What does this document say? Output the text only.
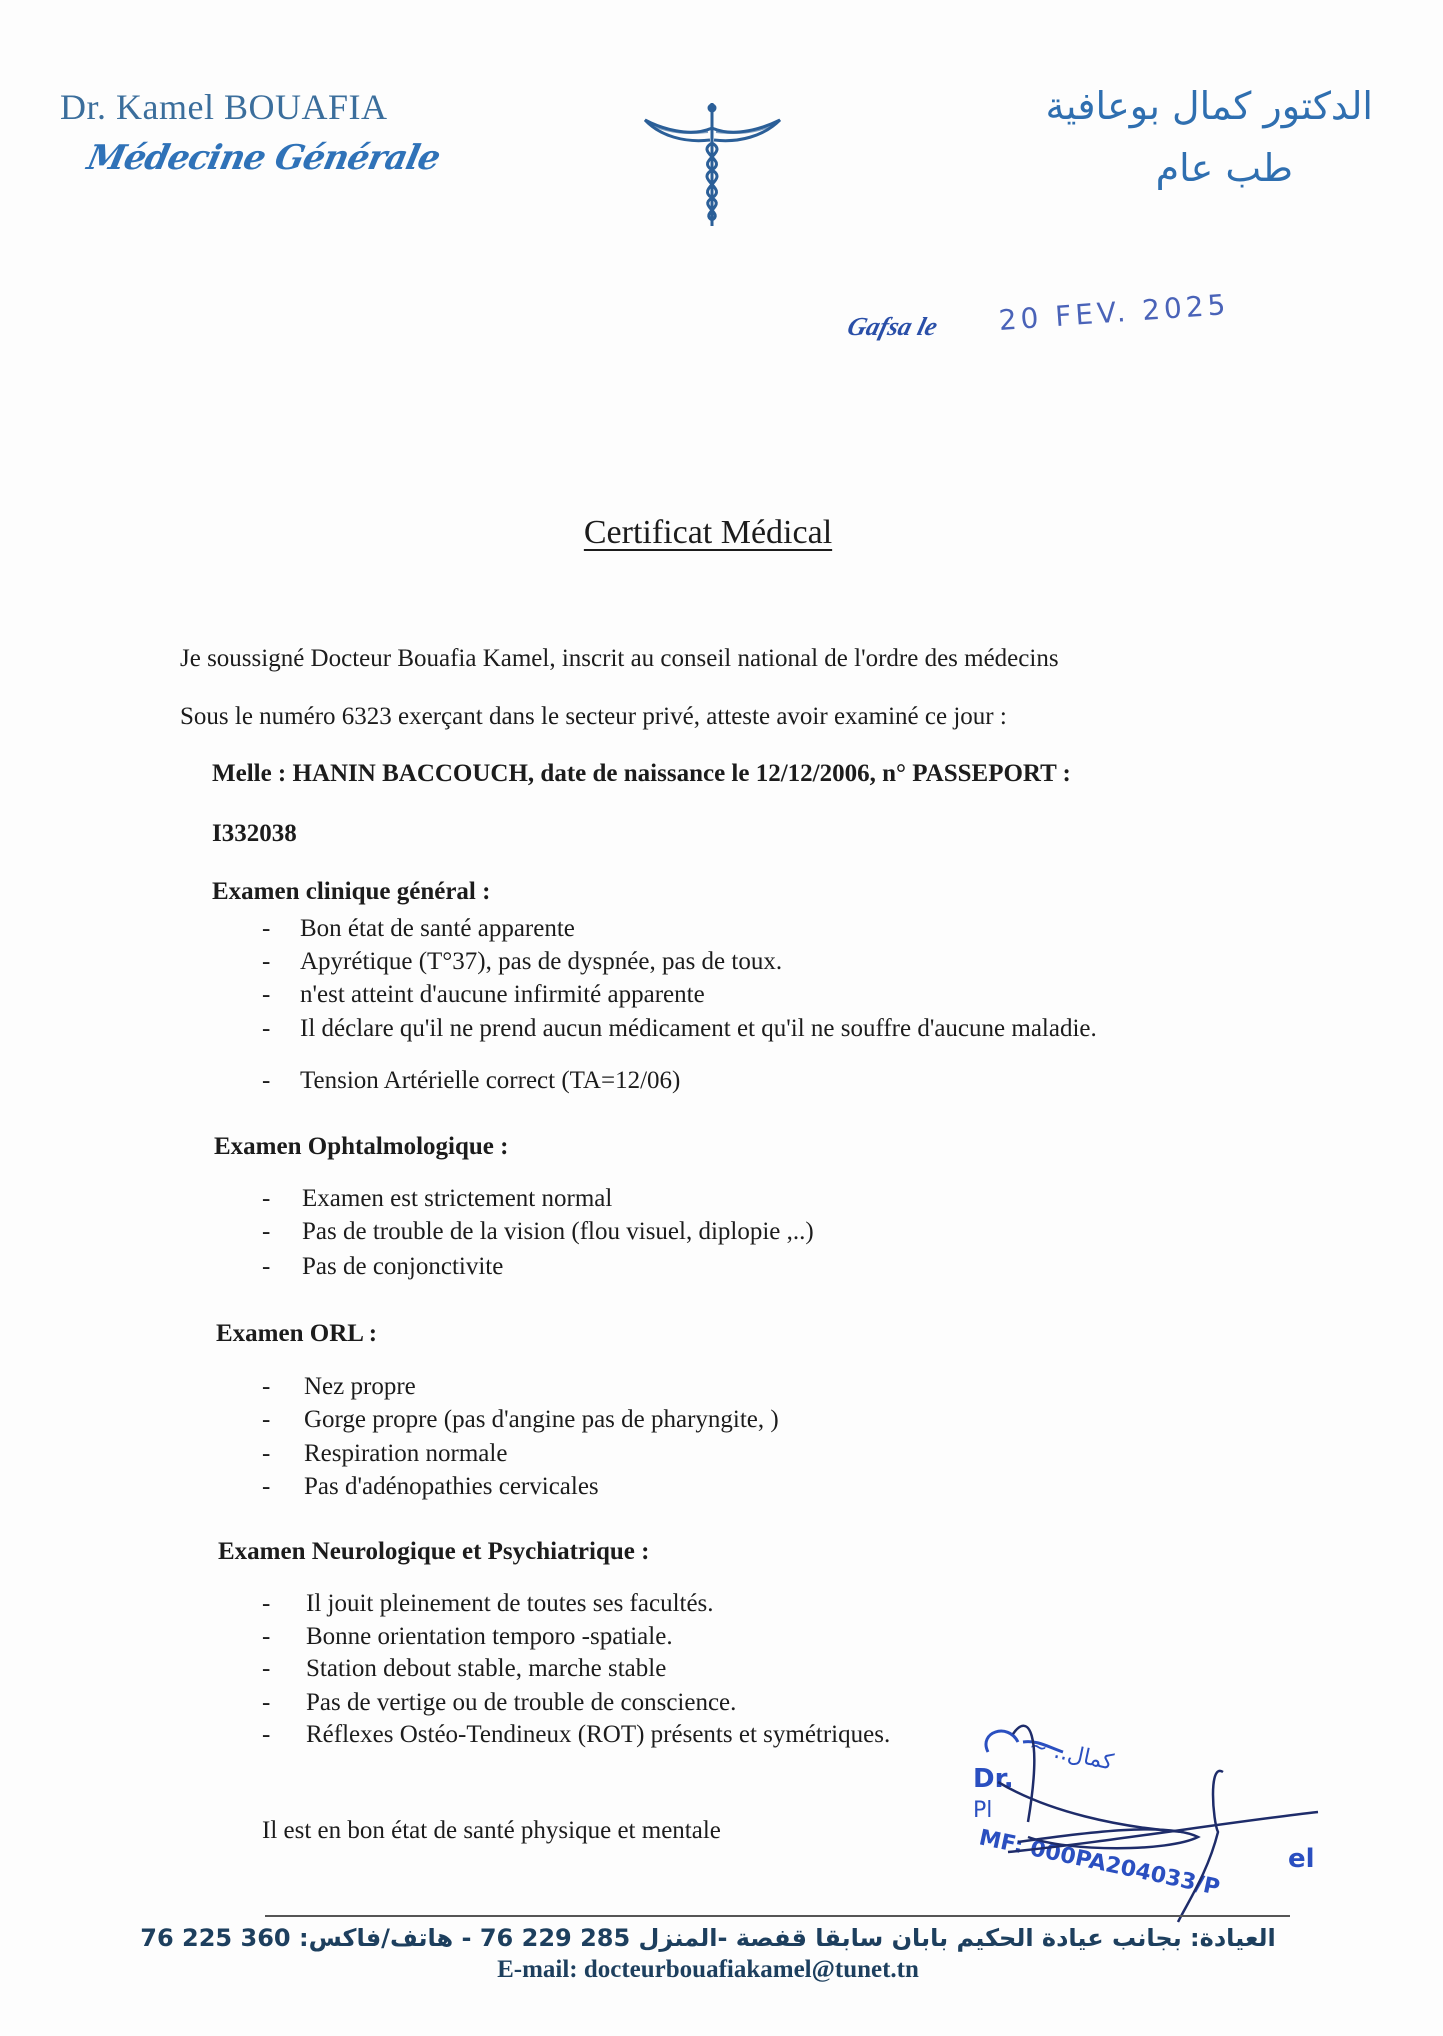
Dr. Kamel BOUAFIA
Médecine Générale
الدكتور كمال بوعافية
طب عام
Gafsa le 20 FEV. 2025
Certificat Médical
Je soussigné Docteur Bouafia Kamel, inscrit au conseil national de l'ordre des médecins
Sous le numéro 6323 exerçant dans le secteur privé, atteste avoir examiné ce jour :
Melle : HANIN BACCOUCH, date de naissance le 12/12/2006, n° PASSEPORT :
I332038
Examen clinique général :
- Bon état de santé apparente
- Apyrétique (T°37), pas de dyspnée, pas de toux.
- n'est atteint d'aucune infirmité apparente
- Il déclare qu'il ne prend aucun médicament et qu'il ne souffre d'aucune maladie.
- Tension Artérielle correct (TA=12/06)
Examen Ophtalmologique :
- Examen est strictement normal
- Pas de trouble de la vision (flou visuel, diplopie ,..)
- Pas de conjonctivite
Examen ORL :
- Nez propre
- Gorge propre (pas d'angine pas de pharyngite, )
- Respiration normale
- Pas d'adénopathies cervicales
Examen Neurologique et Psychiatrique :
- Il jouit pleinement de toutes ses facultés.
- Bonne orientation temporo -spatiale.
- Station debout stable, marche stable
- Pas de vertige ou de trouble de conscience.
- Réflexes Ostéo-Tendineux (ROT) présents et symétriques.
Il est en bon état de santé physique et mentale
~ ..كمال
Dr.
Pl
MF: 000PA204033/P	el
العيادة: بجانب عيادة الحكيم بابان سابقا قفصة -المنزل 285 229 76 - هاتف/فاكس: 360 225 76
E-mail: docteurbouafiakamel@tunet.tn
